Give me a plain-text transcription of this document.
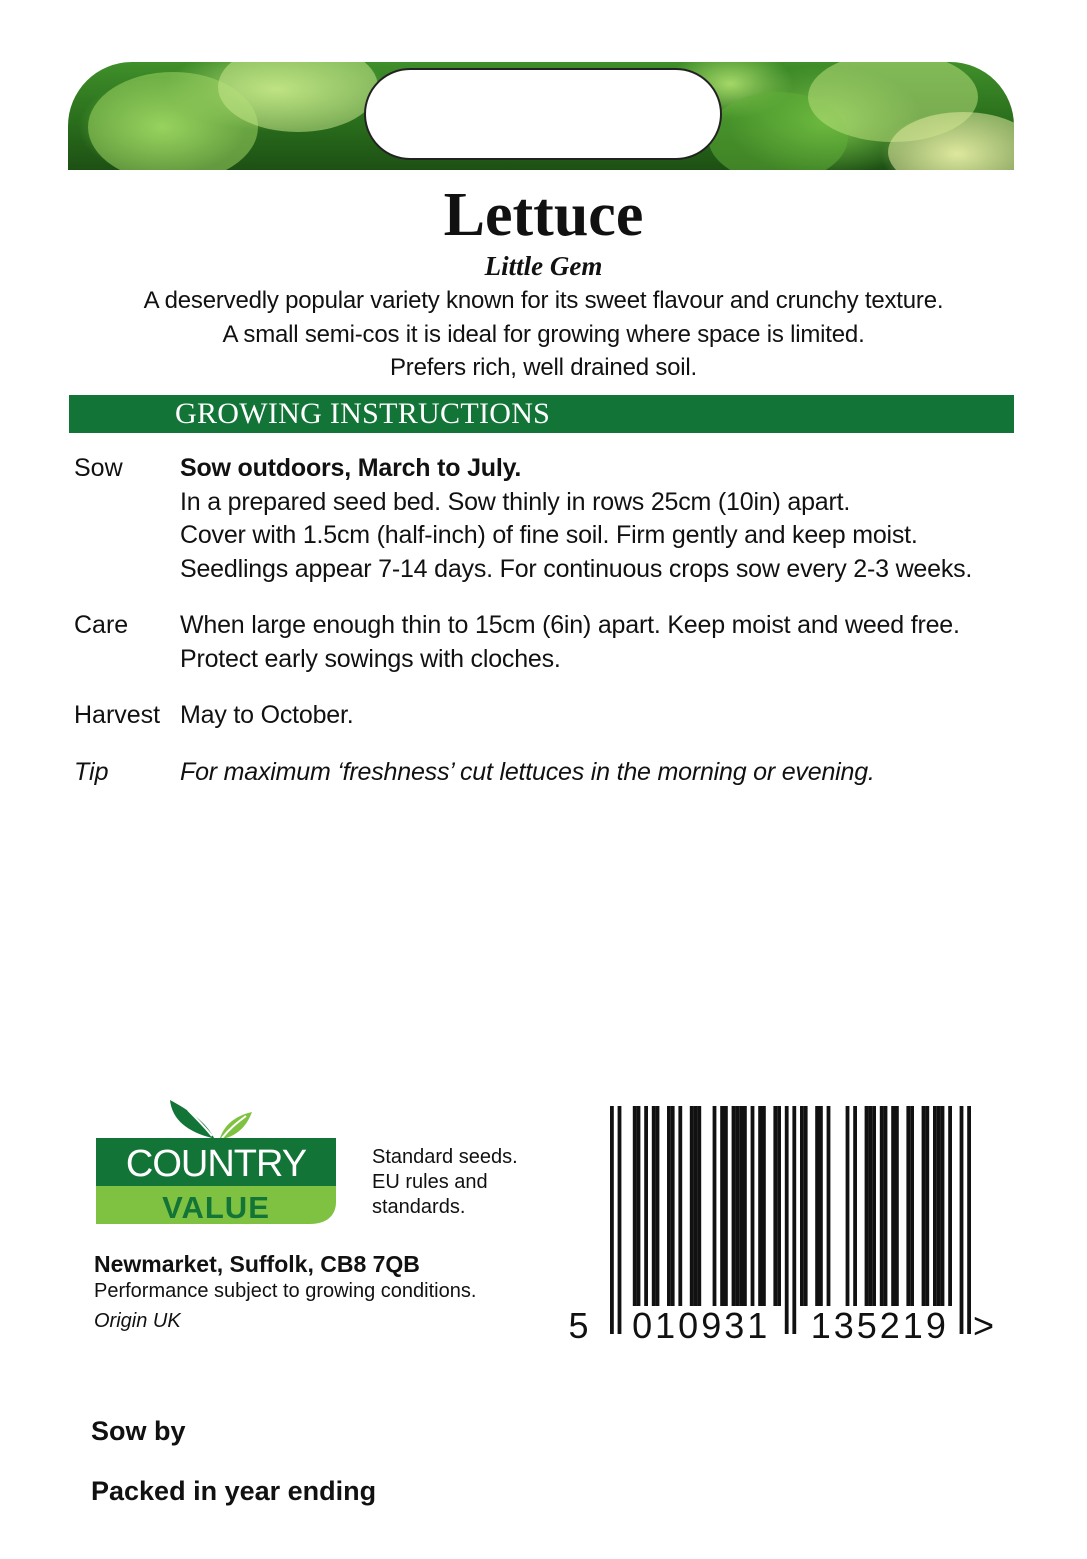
Lettuce
Little Gem
A deservedly popular variety known for its sweet flavour and crunchy texture.
A small semi-cos it is ideal for growing where space is limited.
Prefers rich, well drained soil.
GROWING INSTRUCTIONS
Sow Sow outdoors, March to July.
In a prepared seed bed. Sow thinly in rows 25cm (10in) apart.
Cover with 1.5cm (half-inch) of fine soil. Firm gently and keep moist.
Seedlings appear 7-14 days. For continuous crops sow every 2-3 weeks.
Care When large enough thin to 15cm (6in) apart. Keep moist and weed free.
Protect early sowings with cloches.
Harvest May to October.
Tip	For maximum ‘freshness’ cut lettuces in the morning or evening.
COUNTRY
VALUE
Standard seeds.
EU rules and
standards.
Newmarket, Suffolk, CB8 7QB
Performance subject to growing conditions.
Origin UK	5 010931 135219 >
Sow by
Packed in year ending
